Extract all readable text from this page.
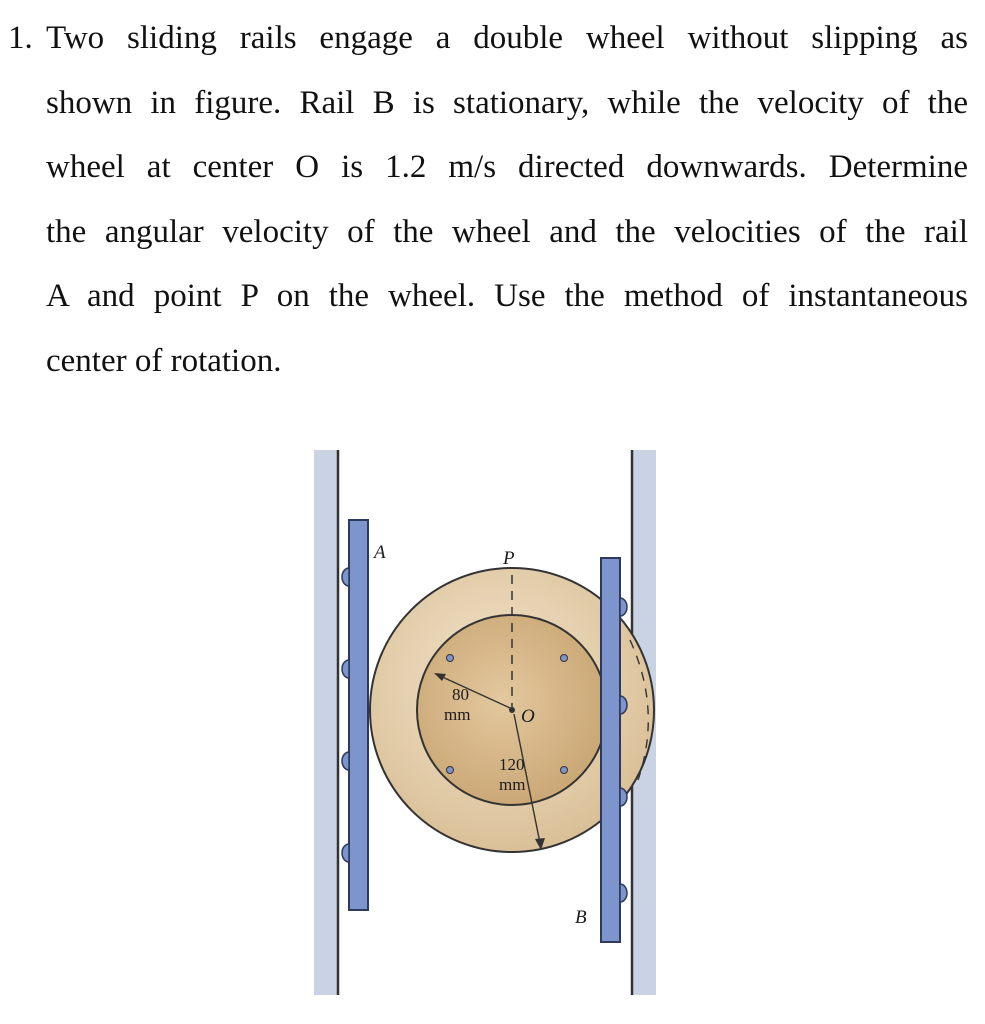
1. Two sliding rails engage a double wheel without slipping as
shown in figure. Rail B is stationary, while the velocity of the
wheel at center O is 1.2 m/s directed downwards. Determine
the angular velocity of the wheel and the velocities of the rail
A and point P on the wheel. Use the method of instantaneous
center of rotation.
A	P
O
B
80
mm
120
mm
